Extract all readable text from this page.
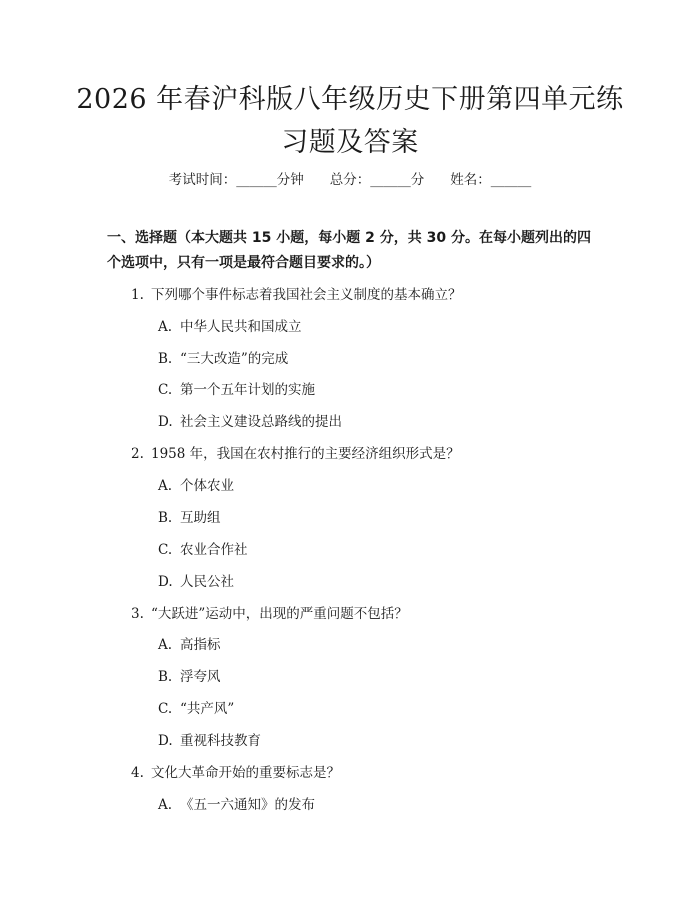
2026 年春沪科版八年级历史下册第四单元练
习题及答案
考试时间：______分钟 总分：______分 姓名：______
一、选择题（本大题共 15 小题，每小题 2 分，共 30 分。在每小题列出的四个选项中，只有一项是最符合题目要求的。）
1. 下列哪个事件标志着我国社会主义制度的基本确立？
A. 中华人民共和国成立
B. “三大改造”的完成
C. 第一个五年计划的实施
D. 社会主义建设总路线的提出
2. 1958 年，我国在农村推行的主要经济组织形式是？
A. 个体农业
B. 互助组
C. 农业合作社
D. 人民公社
3. “大跃进”运动中，出现的严重问题不包括？
A. 高指标
B. 浮夸风
C. “共产风”
D. 重视科技教育
4. 文化大革命开始的重要标志是？
A. 《五一六通知》的发布
